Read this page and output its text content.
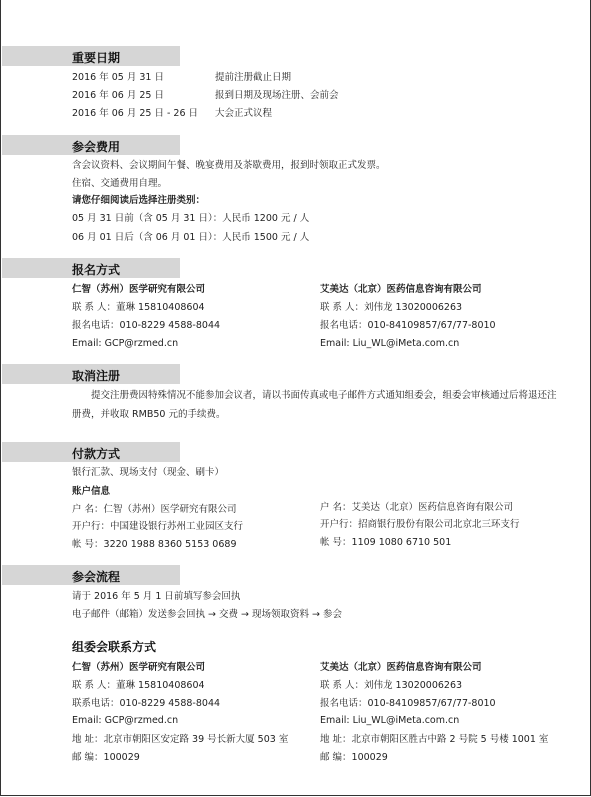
重要日期
2016 年 05 月 31 日	提前注册截止日期
2016 年 06 月 25 日	报到日期及现场注册、会前会
2016 年 06 月 25 日 - 26 日 大会正式议程
参会费用
含会议资料、会议期间午餐、晚宴费用及茶歇费用，报到时领取正式发票。
住宿、交通费用自理。
请您仔细阅读后选择注册类别：
05 月 31 日前（含 05 月 31 日）：人民币 1200 元 / 人
06 月 01 日后（含 06 月 01 日）：人民币 1500 元 / 人
报名方式
仁智（苏州）医学研究有限公司
联 系 人：董琳 15810408604
报名电话：010-8229 4588-8044
Email: GCP@rzmed.cn
艾美达（北京）医药信息咨询有限公司
联 系 人：刘伟龙 13020006263
报名电话：010-84109857/67/77-8010
Email: Liu_WL@iMeta.com.cn
取消注册
提交注册费因特殊情况不能参加会议者，请以书面传真或电子邮件方式通知组委会，组委会审核通过后将退还注册费，并收取 RMB50 元的手续费。
付款方式
银行汇款、现场支付（现金、刷卡）
账户信息
户 名：仁智（苏州）医学研究有限公司
开户行：中国建设银行苏州工业园区支行
帐 号：3220 1988 8360 5153 0689
户 名：艾美达（北京）医药信息咨询有限公司
开户行：招商银行股份有限公司北京北三环支行
帐 号：1109 1080 6710 501
参会流程
请于 2016 年 5 月 1 日前填写参会回执
电子邮件（邮箱）发送参会回执 → 交费 → 现场领取资料 → 参会
组委会联系方式
仁智（苏州）医学研究有限公司
联 系 人：董琳 15810408604
联系电话：010-8229 4588-8044
Email: GCP@rzmed.cn
地 址：北京市朝阳区安定路 39 号长新大厦 503 室
邮 编：100029
艾美达（北京）医药信息咨询有限公司
联 系 人：刘伟龙 13020006263
报名电话：010-84109857/67/77-8010
Email: Liu_WL@iMeta.com.cn
地 址：北京市朝阳区胜古中路 2 号院 5 号楼 1001 室
邮 编：100029
